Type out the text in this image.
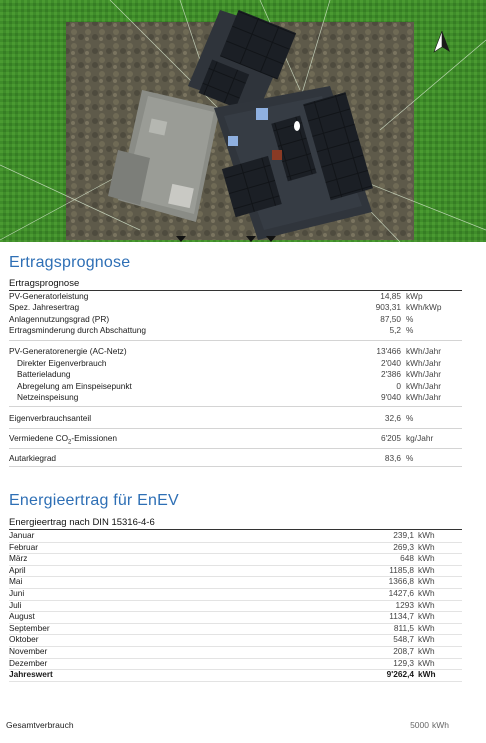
Ertragsprognose
Ertragsprognose
PV-Generatorleistung	14,85 kWp
Spez. Jahresertrag	903,31 kWh/kWp
Anlagennutzungsgrad (PR)	87,50 %
Ertragsminderung durch Abschattung	5,2 %
PV-Generatorenergie (AC-Netz)	13'466 kWh/Jahr
Direkter Eigenverbrauch	2'040 kWh/Jahr
Batterieladung	2'386 kWh/Jahr
Abregelung am Einspeisepunkt	0 kWh/Jahr
Netzeinspeisung	9'040 kWh/Jahr
Eigenverbrauchsanteil	32,6 %
Vermiedene $CO_2$-Emissionen	6'205 kg/Jahr
Autarkiegrad	83,6 %
Energieertrag für EnEV
Energieertrag nach DIN 15316-4-6
Januar	239,1 kWh
Februar	269,3 kWh
März	648 kWh
April	1185,8 kWh
Mai	1366,8 kWh
Juni	1427,6 kWh
Juli	1293 kWh
August	1134,7 kWh
September	811,5 kWh
Oktober	548,7 kWh
November	208,7 kWh
Dezember	129,3 kWh
Jahreswert	9'262,4 kWh
Gesamtverbrauch	5000 kWh
